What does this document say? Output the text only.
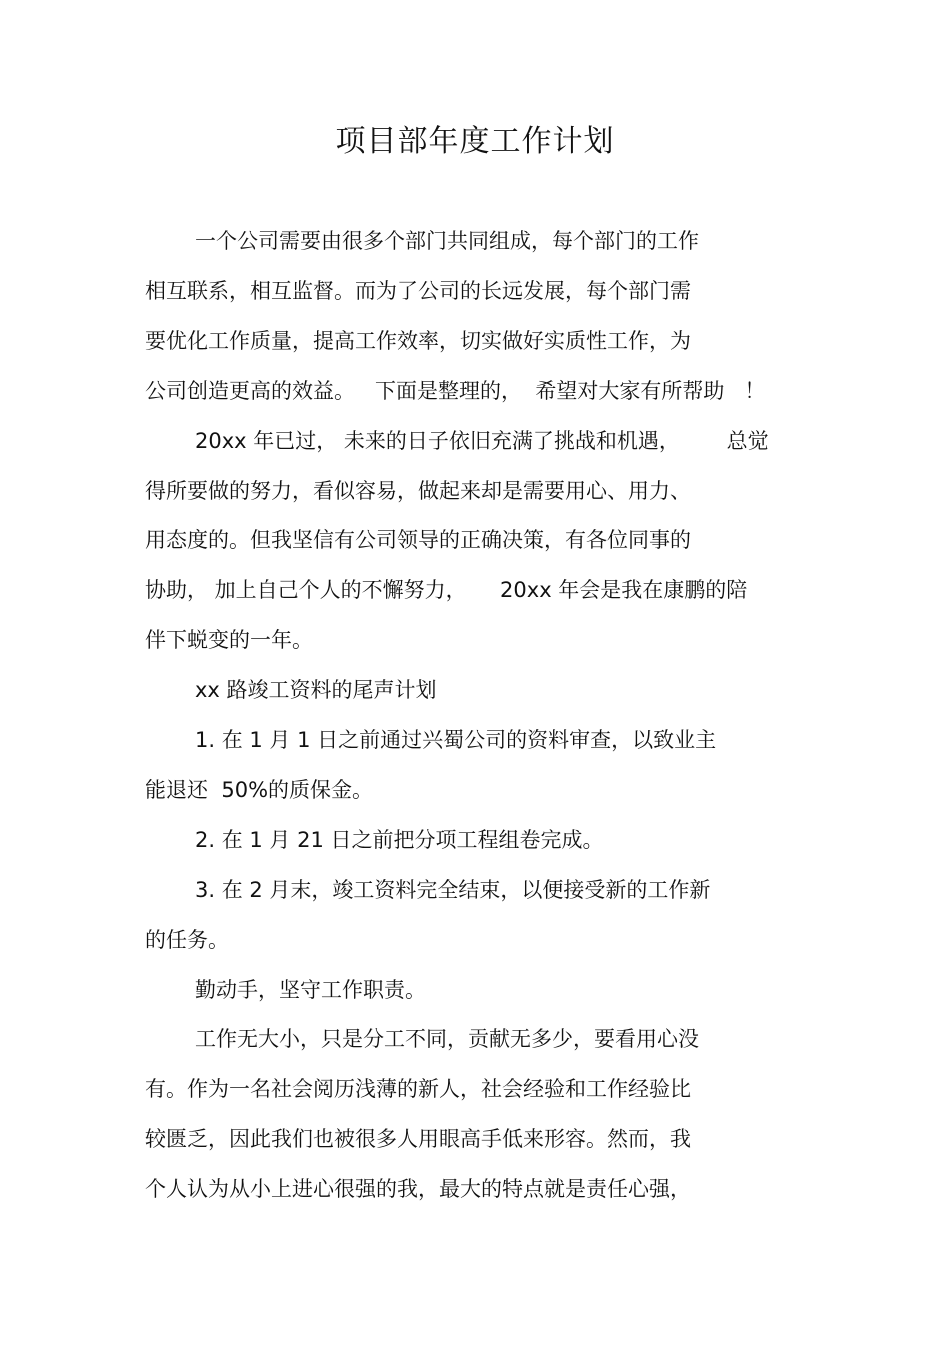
项目部年度工作计划
一个公司需要由很多个部门共同组成，每个部门的工作
相互联系，相互监督。而为了公司的长远发展，每个部门需
要优化工作质量，提高工作效率，切实做好实质性工作，为
公司创造更高的效益。   下面是整理的，  希望对大家有所帮助   ！
20xx 年已过， 未来的日子依旧充满了挑战和机遇，       总觉
得所要做的努力，看似容易，做起来却是需要用心、用力、
用态度的。但我坚信有公司领导的正确决策，有各位同事的
协助， 加上自己个人的不懈努力，     20xx 年会是我在康鹏的陪
伴下蜕变的一年。
xx 路竣工资料的尾声计划
1. 在 1 月 1 日之前通过兴蜀公司的资料审查，以致业主
能退还  50%的质保金。
2. 在 1 月 21 日之前把分项工程组卷完成。
3. 在 2 月末，竣工资料完全结束，以便接受新的工作新
的任务。
勤动手，坚守工作职责。
工作无大小，只是分工不同，贡献无多少，要看用心没
有。作为一名社会阅历浅薄的新人，社会经验和工作经验比
较匮乏，因此我们也被很多人用眼高手低来形容。然而，我
个人认为从小上进心很强的我，最大的特点就是责任心强，
